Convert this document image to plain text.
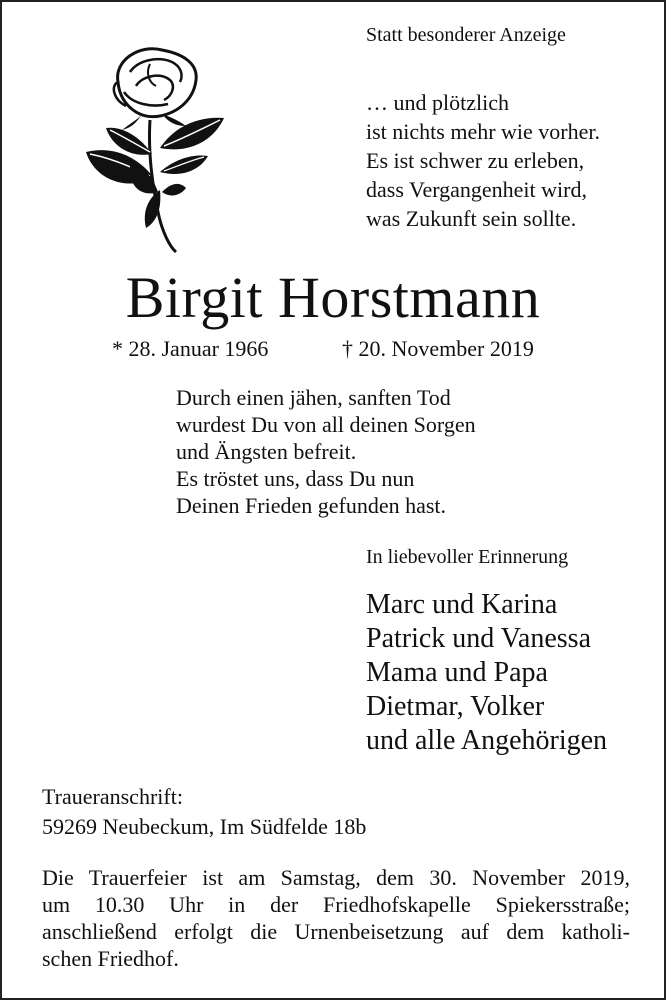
Statt besonderer Anzeige
… und plötzlich
ist nichts mehr wie vorher.
Es ist schwer zu erleben,
dass Vergangenheit wird,
was Zukunft sein sollte.
Birgit Horstmann
* 28. Januar 1966	† 20. November 2019
Durch einen jähen, sanften Tod
wurdest Du von all deinen Sorgen
und Ängsten befreit.
Es tröstet uns, dass Du nun
Deinen Frieden gefunden hast.
In liebevoller Erinnerung
Marc und Karina
Patrick und Vanessa
Mama und Papa
Dietmar, Volker
und alle Angehörigen
Traueranschrift:
59269 Neubeckum, Im Südfelde 18b
Die Trauerfeier ist am Samstag, dem 30. November 2019,
um 10.30 Uhr in der Friedhofskapelle Spiekersstraße;
anschließend erfolgt die Urnenbeisetzung auf dem katholi-
schen Friedhof.
